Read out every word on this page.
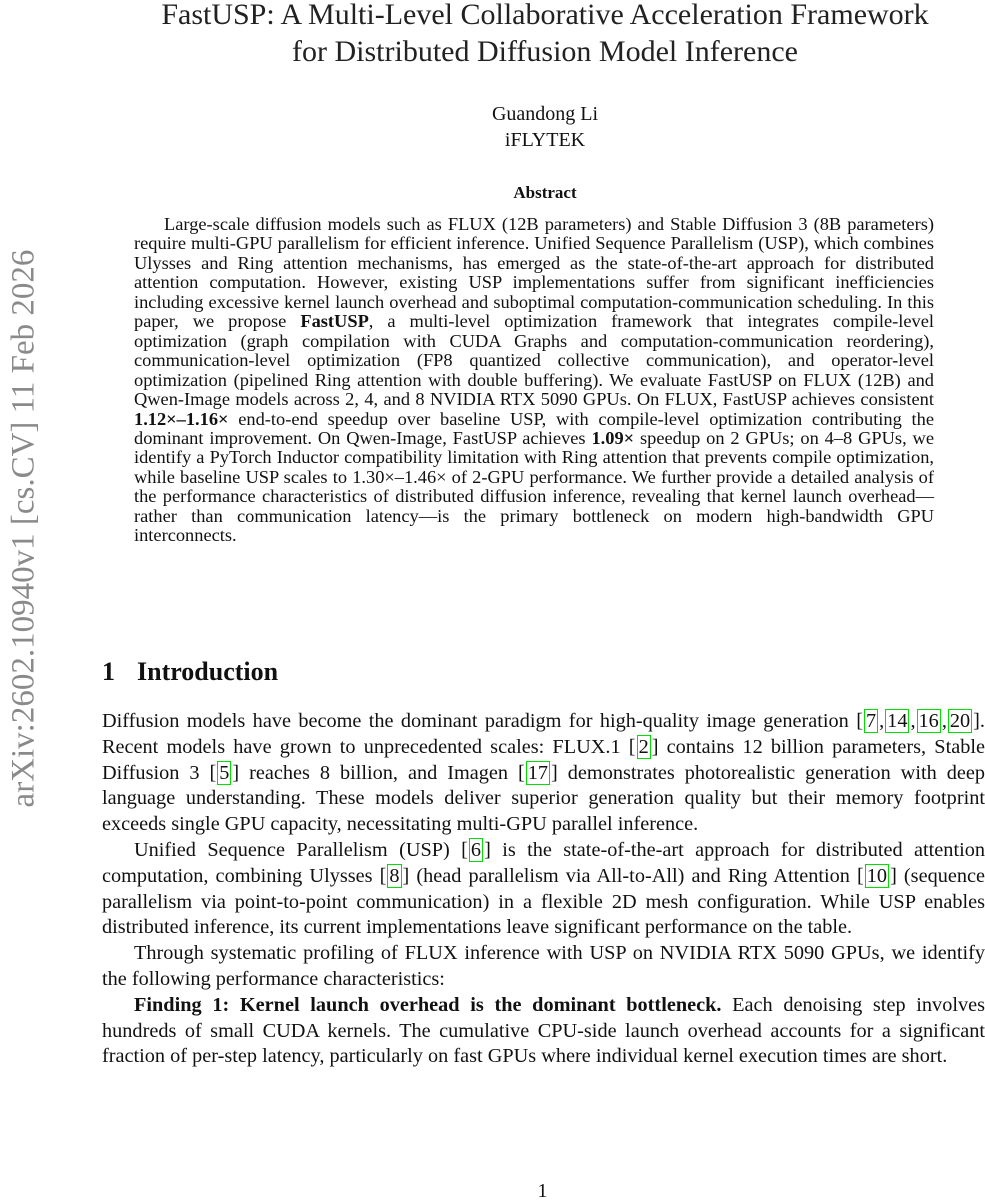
arXiv:2602.10940v1 [cs.CV] 11 Feb 2026
FastUSP: A Multi-Level Collaborative Acceleration Framework
for Distributed Diffusion Model Inference
Guandong Li
iFLYTEK
Abstract
Large-scale diffusion models such as FLUX (12B parameters) and Stable Diffusion 3 (8B parameters) require multi-GPU parallelism for efficient inference. Unified Sequence Parallelism (USP), which combines Ulysses and Ring attention mechanisms, has emerged as the state-of-the-art approach for distributed attention computation. However, existing USP implementations suffer from significant inefficiencies including excessive kernel launch overhead and suboptimal computation-communication scheduling. In this paper, we propose FastUSP, a multi-level optimization framework that integrates compile-level optimization (graph compilation with CUDA Graphs and computation-communication reordering), communication-level optimization (FP8 quantized collective communication), and operator-level optimization (pipelined Ring attention with double buffering). We evaluate FastUSP on FLUX (12B) and Qwen-Image models across 2, 4, and 8 NVIDIA RTX 5090 GPUs. On FLUX, FastUSP achieves consistent 1.12×–1.16× end-to-end speedup over baseline USP, with compile-level optimization contributing the dominant improvement. On Qwen-Image, FastUSP achieves 1.09× speedup on 2 GPUs; on 4–8 GPUs, we identify a PyTorch Inductor compatibility limitation with Ring attention that prevents compile optimization, while baseline USP scales to 1.30×–1.46× of 2-GPU performance. We further provide a detailed analysis of the performance characteristics of distributed diffusion inference, revealing that kernel launch overhead—rather than communication latency—is the primary bottleneck on modern high-bandwidth GPU interconnects.
1 Introduction

Diffusion models have become the dominant paradigm for high-quality image generation [ 7 , 14 , 16 , 20 ]. Recent models have grown to unprecedented scales: FLUX.1 [ 2 ] contains 12 billion parameters, Stable Diffusion 3 [ 5 ] reaches 8 billion, and Imagen [ 17 ] demonstrates photorealistic generation with deep language understanding. These models deliver superior generation quality but their memory footprint exceeds single GPU capacity, necessitating multi-GPU parallel inference.

Unified Sequence Parallelism (USP) [ 6 ] is the state-of-the-art approach for distributed attention computation, combining Ulysses [ 8 ] (head parallelism via All-to-All) and Ring Attention [ 10 ] (sequence parallelism via point-to-point communication) in a flexible 2D mesh configuration. While USP enables distributed inference, its current implementations leave significant performance on the table.

Through systematic profiling of FLUX inference with USP on NVIDIA RTX 5090 GPUs, we identify the following performance characteristics:

Finding 1: Kernel launch overhead is the dominant bottleneck. Each denoising step involves hundreds of small CUDA kernels. The cumulative CPU-side launch overhead accounts for a significant fraction of per-step latency, particularly on fast GPUs where individual kernel execution times are short.

1
